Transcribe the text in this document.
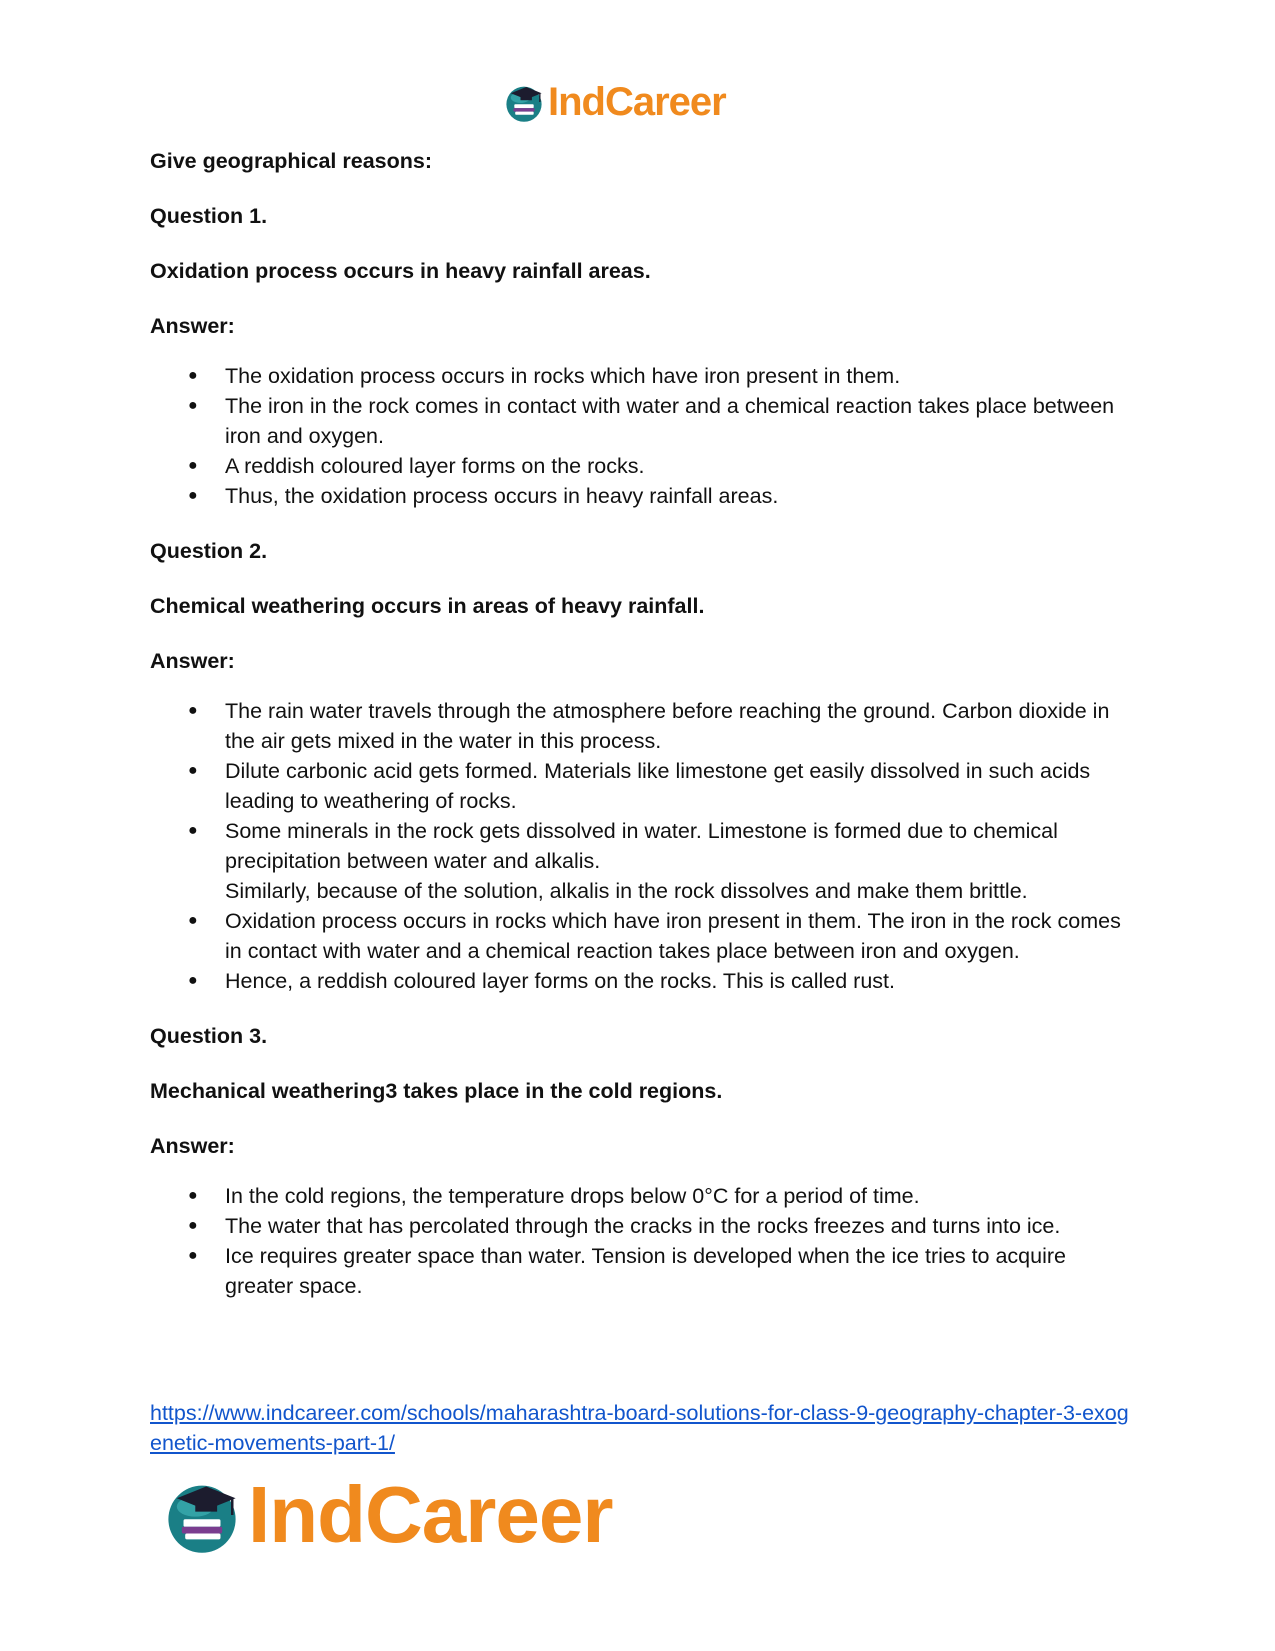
IndCareer

Give geographical reasons:

Question 1.

Oxidation process occurs in heavy rainfall areas.

Answer:

● The oxidation process occurs in rocks which have iron present in them.
● The iron in the rock comes in contact with water and a chemical reaction takes place between iron and oxygen.
● A reddish coloured layer forms on the rocks.
● Thus, the oxidation process occurs in heavy rainfall areas.

Question 2.

Chemical weathering occurs in areas of heavy rainfall.

Answer:

● The rain water travels through the atmosphere before reaching the ground. Carbon dioxide in the air gets mixed in the water in this process.
● Dilute carbonic acid gets formed. Materials like limestone get easily dissolved in such acids leading to weathering of rocks.
● Some minerals in the rock gets dissolved in water. Limestone is formed due to chemical precipitation between water and alkalis.
Similarly, because of the solution, alkalis in the rock dissolves and make them brittle.
● Oxidation process occurs in rocks which have iron present in them. The iron in the rock comes in contact with water and a chemical reaction takes place between iron and oxygen.
● Hence, a reddish coloured layer forms on the rocks. This is called rust.

Question 3.

Mechanical weathering3 takes place in the cold regions.

Answer:

● In the cold regions, the temperature drops below 0°C for a period of time.
● The water that has percolated through the cracks in the rocks freezes and turns into ice.
● Ice requires greater space than water. Tension is developed when the ice tries to acquire greater space.
https://www.indcareer.com/schools/maharashtra-board-solutions-for-class-9-geography-chapter-3-exogenetic-movements-part-1/
IndCareer
